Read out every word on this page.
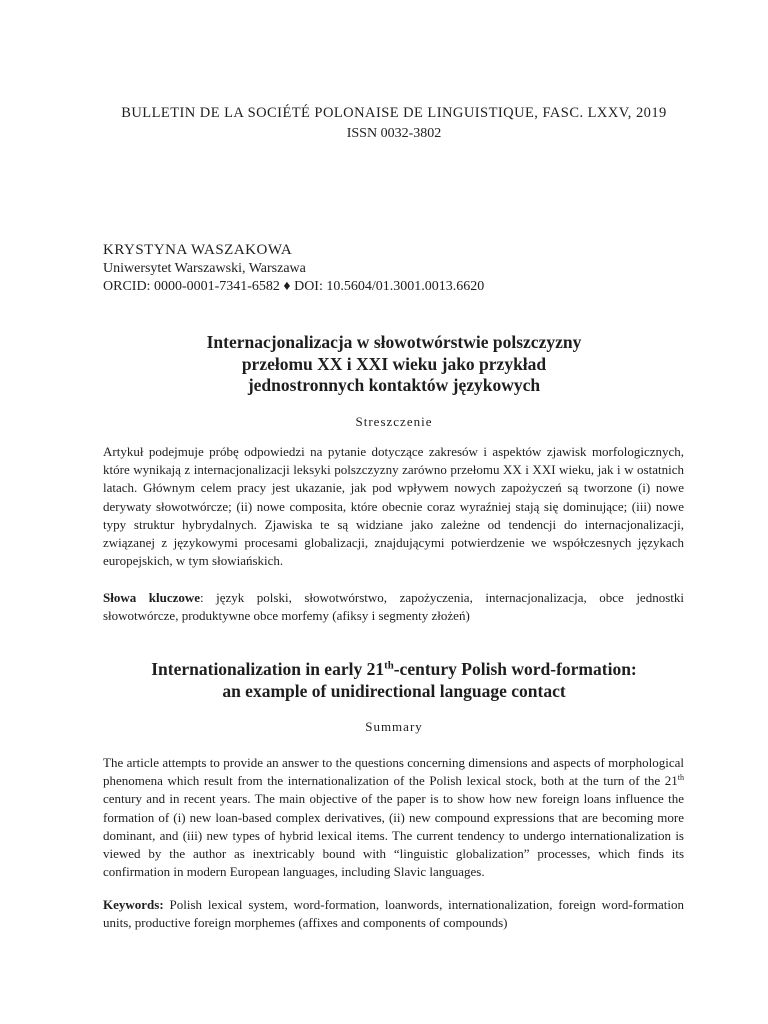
BULLETIN DE LA SOCIÉTÉ POLONAISE DE LINGUISTIQUE, FASC. LXXV, 2019
ISSN 0032-3802
KRYSTYNA WASZAKOWA
Uniwersytet Warszawski, Warszawa
ORCID: 0000-0001-7341-6582 ♦ DOI: 10.5604/01.3001.0013.6620
Internacjonalizacja w słowotwórstwie polszczyzny
przełomu XX i XXI wieku jako przykład
jednostronnych kontaktów językowych
Streszczenie

Artykuł podejmuje próbę odpowiedzi na pytanie dotyczące zakresów i aspektów zjawisk morfologicznych, które wynikają z internacjonalizacji leksyki polszczyzny zarówno przełomu XX i XXI wieku, jak i w ostatnich latach. Głównym celem pracy jest ukazanie, jak pod wpływem nowych zapożyczeń są tworzone (i) nowe derywaty słowotwórcze; (ii) nowe composita, które obecnie coraz wyraźniej stają się dominujące; (iii) nowe typy struktur hybrydalnych. Zjawiska te są widziane jako zależne od tendencji do internacjonalizacji, związanej z językowymi procesami globalizacji, znajdującymi potwierdzenie we współczesnych językach europejskich, w tym słowiańskich.

Słowa kluczowe: język polski, słowotwórstwo, zapożyczenia, internacjonalizacja, obce jednostki słowotwórcze, produktywne obce morfemy (afiksy i segmenty złożeń)

Internationalization in early 21th-century Polish word-formation:
an example of unidirectional language contact
Summary

The article attempts to provide an answer to the questions concerning dimensions and aspects of morphological phenomena which result from the internationalization of the Polish lexical stock, both at the turn of the 21th century and in recent years. The main objective of the paper is to show how new foreign loans influence the formation of (i) new loan-based complex derivatives, (ii) new compound expressions that are becoming more dominant, and (iii) new types of hybrid lexical items. The current tendency to undergo internationalization is viewed by the author as inextricably bound with “linguistic globalization” processes, which finds its confirmation in modern European languages, including Slavic languages.

Keywords: Polish lexical system, word-formation, loanwords, internationalization, foreign word-formation units, productive foreign morphemes (affixes and components of compounds)
